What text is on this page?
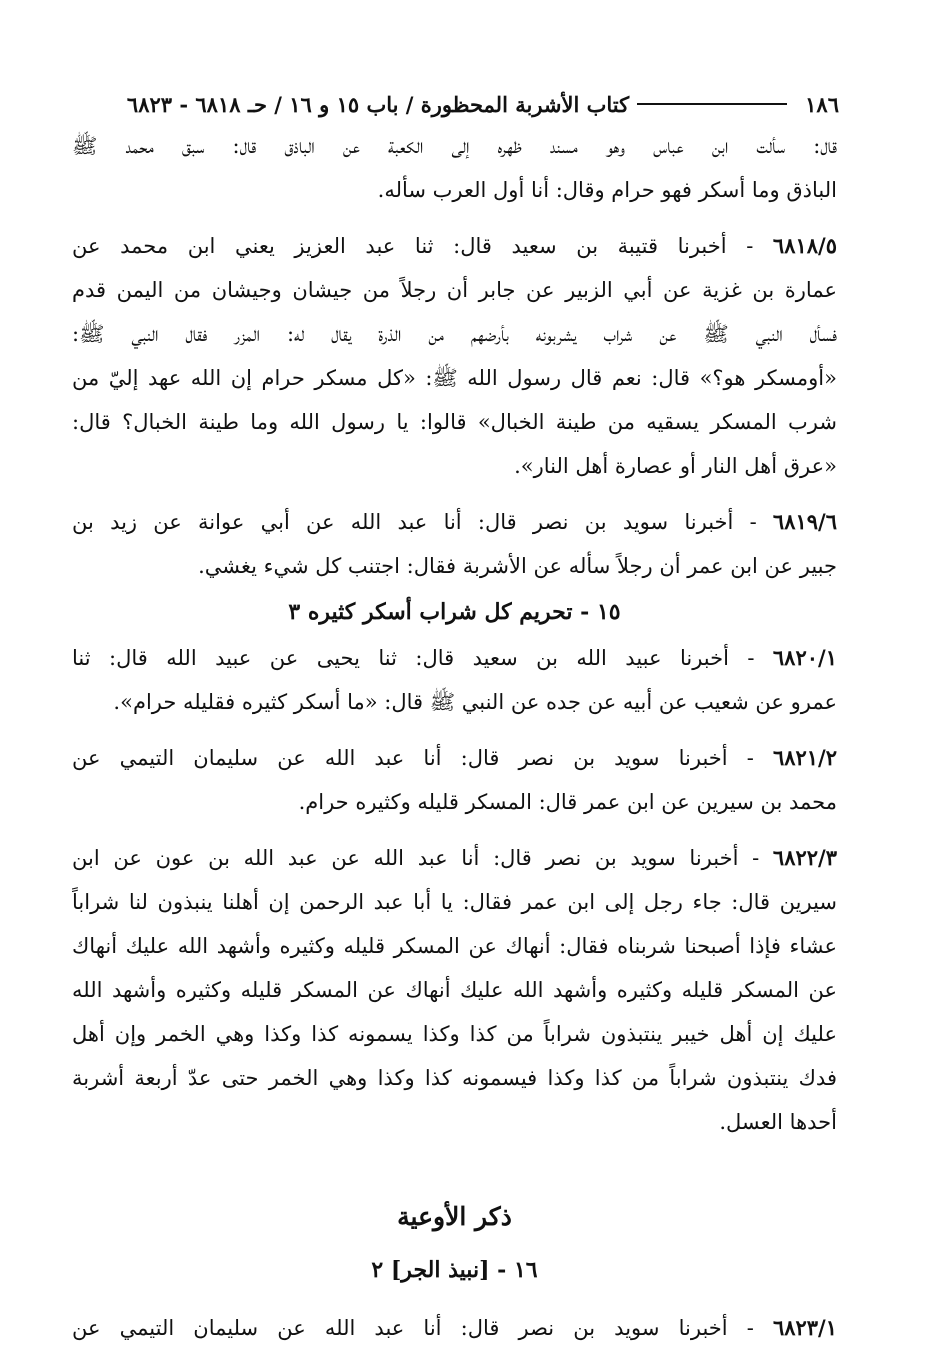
١٨٦
كتاب الأشربة المحظورة / باب ١٥ و ١٦ / حـ ٦٨١٨ - ٦٨٢٣

قال: سألت ابن عباس وهو مسند ظهره إلى الكعبة عن الباذق قال: سبق محمد ﷺ

الباذق وما أسكر فهو حرام وقال: أنا أول العرب سأله.

٦٨١٨/٥ - أخبرنا قتيبة بن سعيد قال: ثنا عبد العزيز يعني ابن محمد عن

عمارة بن غزية عن أبي الزبير عن جابر أن رجلاً من جيشان وجيشان من اليمن قدم

فسأل النبي ﷺ عن شراب يشربونه بأرضهم من الذرة يقال له: المزر فقال النبي ﷺ:

«أومسكر هو؟» قال: نعم قال رسول الله ﷺ: «كل مسكر حرام إن الله عهد إليّ من

شرب المسكر يسقيه من طينة الخبال» قالوا: يا رسول الله وما طينة الخبال؟ قال:

«عرق أهل النار أو عصارة أهل النار».

٦٨١٩/٦ - أخبرنا سويد بن نصر قال: أنا عبد الله عن أبي عوانة عن زيد بن

جبير عن ابن عمر أن رجلاً سأله عن الأشربة فقال: اجتنب كل شيء يغشي.

١٥ - تحريم كل شراب أسكر كثيره ٣

٦٨٢٠/١ - أخبرنا عبيد الله بن سعيد قال: ثنا يحيى عن عبيد الله قال: ثنا

عمرو عن شعيب عن أبيه عن جده عن النبي ﷺ قال: «ما أسكر كثيره فقليله حرام».

٦٨٢١/٢ - أخبرنا سويد بن نصر قال: أنا عبد الله عن سليمان التيمي عن

محمد بن سيرين عن ابن عمر قال: المسكر قليله وكثيره حرام.

٦٨٢٢/٣ - أخبرنا سويد بن نصر قال: أنا عبد الله عن عبد الله بن عون عن ابن

سيرين قال: جاء رجل إلى ابن عمر فقال: يا أبا عبد الرحمن إن أهلنا ينبذون لنا شراباً

عشاء فإذا أصبحنا شربناه فقال: أنهاك عن المسكر قليله وكثيره وأشهد الله عليك أنهاك

عن المسكر قليله وكثيره وأشهد الله عليك أنهاك عن المسكر قليله وكثيره وأشهد الله

عليك إن أهل خيبر ينتبذون شراباً من كذا وكذا يسمونه كذا وكذا وهي الخمر وإن أهل

فدك ينتبذون شراباً من كذا وكذا فيسمونه كذا وكذا وهي الخمر حتى عدّ أربعة أشربة

أحدها العسل.

ذكر الأوعية
١٦ - [نبيذ الجر] ٢

٦٨٢٣/١ - أخبرنا سويد بن نصر قال: أنا عبد الله عن سليمان التيمي عن
